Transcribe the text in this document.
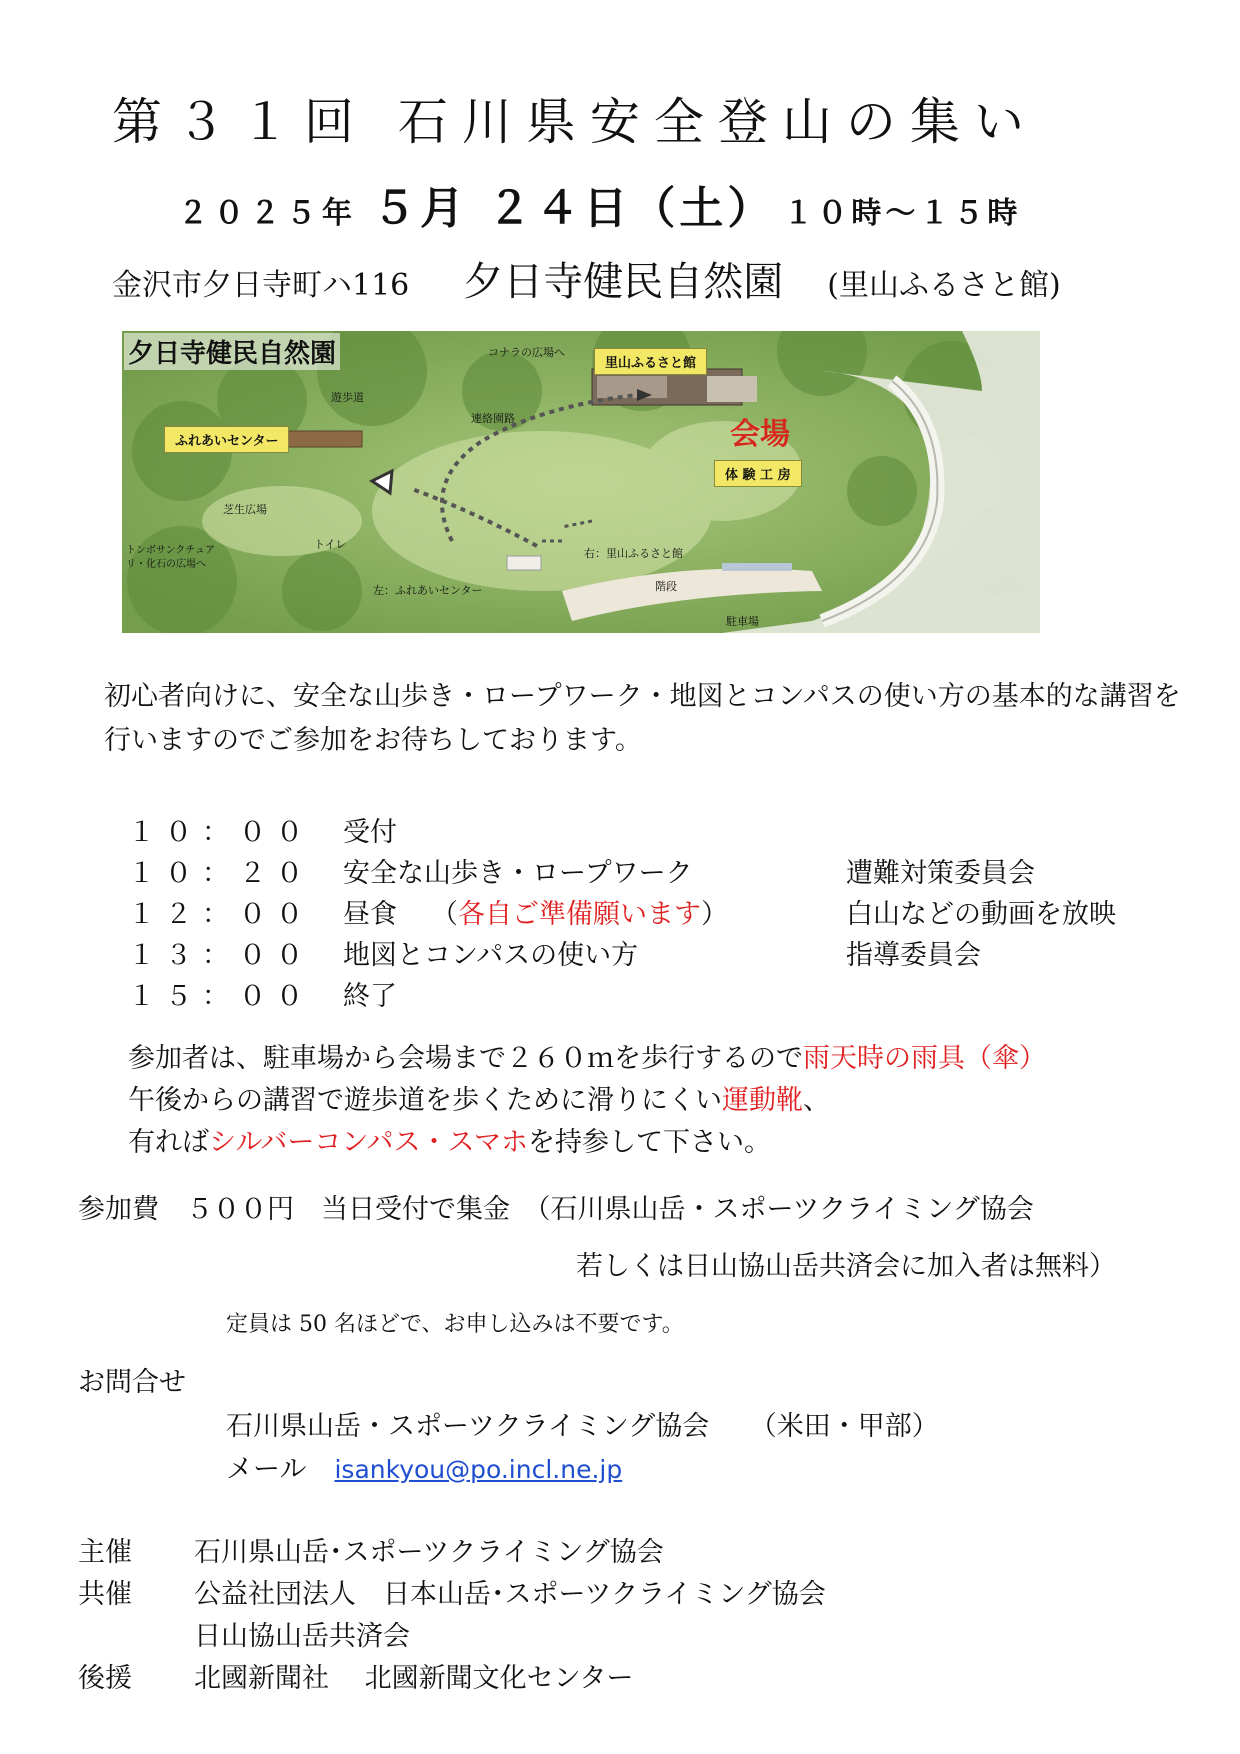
第３１回 石川県安全登山の集い
２０２５年 ５月 ２４日（土） １０時～１５時
金沢市夕日寺町ハ116 夕日寺健民自然園 (里山ふるさと館)
夕日寺健民自然園	里山ふるさと館
ふれあいセンター
体 験 工 房
会場
コナラの広場へ
遊歩道
連絡園路
芝生広場
トイレ
トンボサンクチュア
リ・化石の広場へ
右：里山ふるさと館
左：ふれあいセンター	階段
駐車場
初心者向けに、安全な山歩き・ロープワーク・地図とコンパスの使い方の基本的な講習を行いますのでご参加をお待ちしております。
１０：００ 受付
１０：２０ 安全な山歩き・ロープワーク	遭難対策委員会
１２：００ 昼食 （各自ご準備願います）	白山などの動画を放映
１３：００ 地図とコンパスの使い方	指導委員会
１５：００ 終了
参加者は、駐車場から会場まで２６０ｍを歩行するので雨天時の雨具（傘）
午後からの講習で遊歩道を歩くために滑りにくい運動靴、
有ればシルバーコンパス・スマホを持参して下さい。
参加費　５００円　当日受付で集金　（石川県山岳・スポーツクライミング協会
若しくは日山協山岳共済会に加入者は無料）
定員は 50 名ほどで、お申し込みは不要です。
お問合せ
石川県山岳・スポーツクライミング協会　　（米田・甲部）
メール isankyou@po.incl.ne.jp
主催 石川県山岳･スポーツクライミング協会
共催 公益社団法人　日本山岳･スポーツクライミング協会
日山協山岳共済会
後援 北國新聞社　 北國新聞文化センター
